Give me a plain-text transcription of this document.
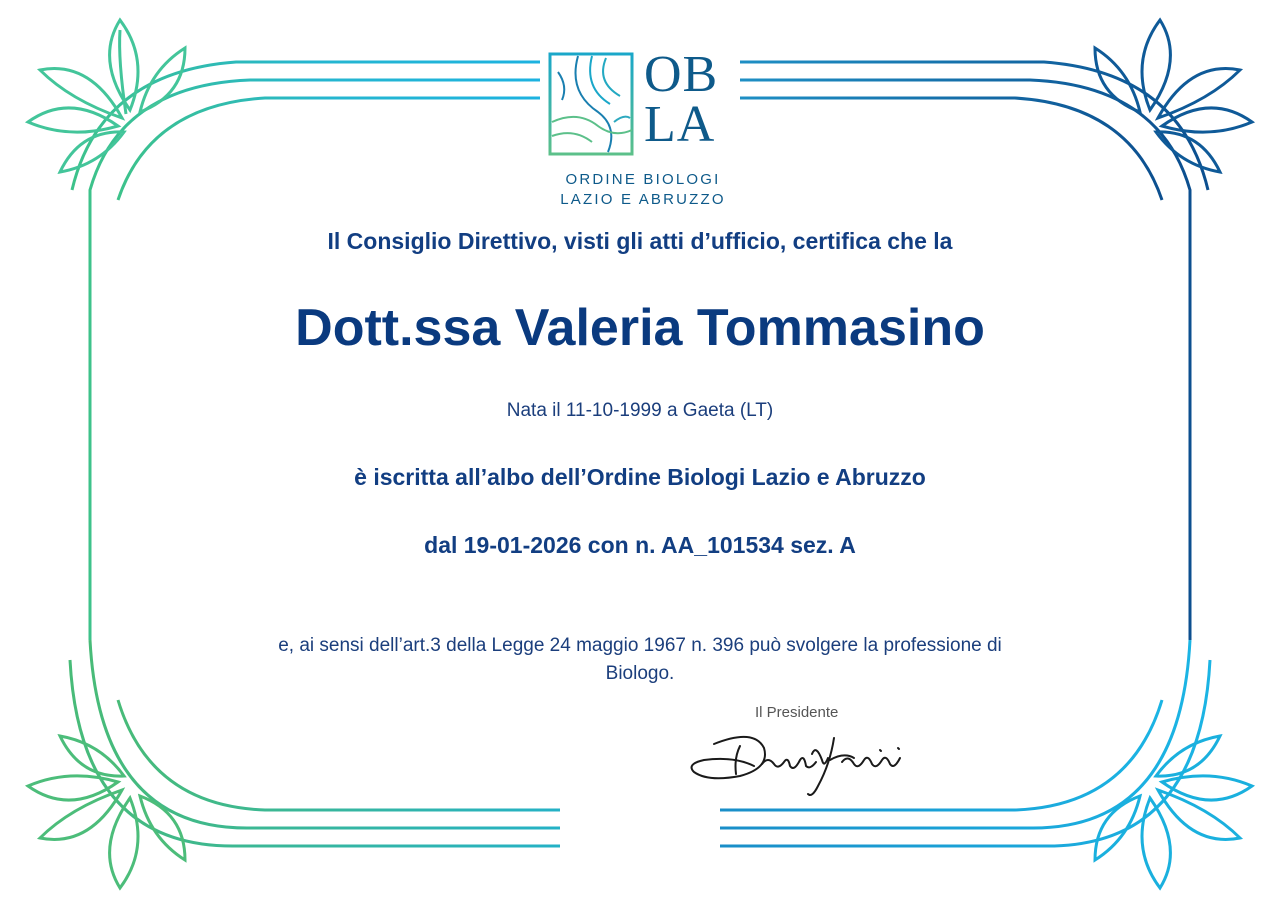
OB
LA
ORDINE BIOLOGI
LAZIO E ABRUZZO
Il Consiglio Direttivo, visti gli atti d’ufficio, certifica che la
Dott.ssa Valeria Tommasino
Nata il 11-10-1999 a Gaeta (LT)
è iscritta all’albo dell’Ordine Biologi Lazio e Abruzzo
dal 19-01-2026 con n. AA_101534 sez. A
e, ai sensi dell’art.3 della Legge 24 maggio 1967 n. 396 può svolgere la professione di Biologo.
Il Presidente
